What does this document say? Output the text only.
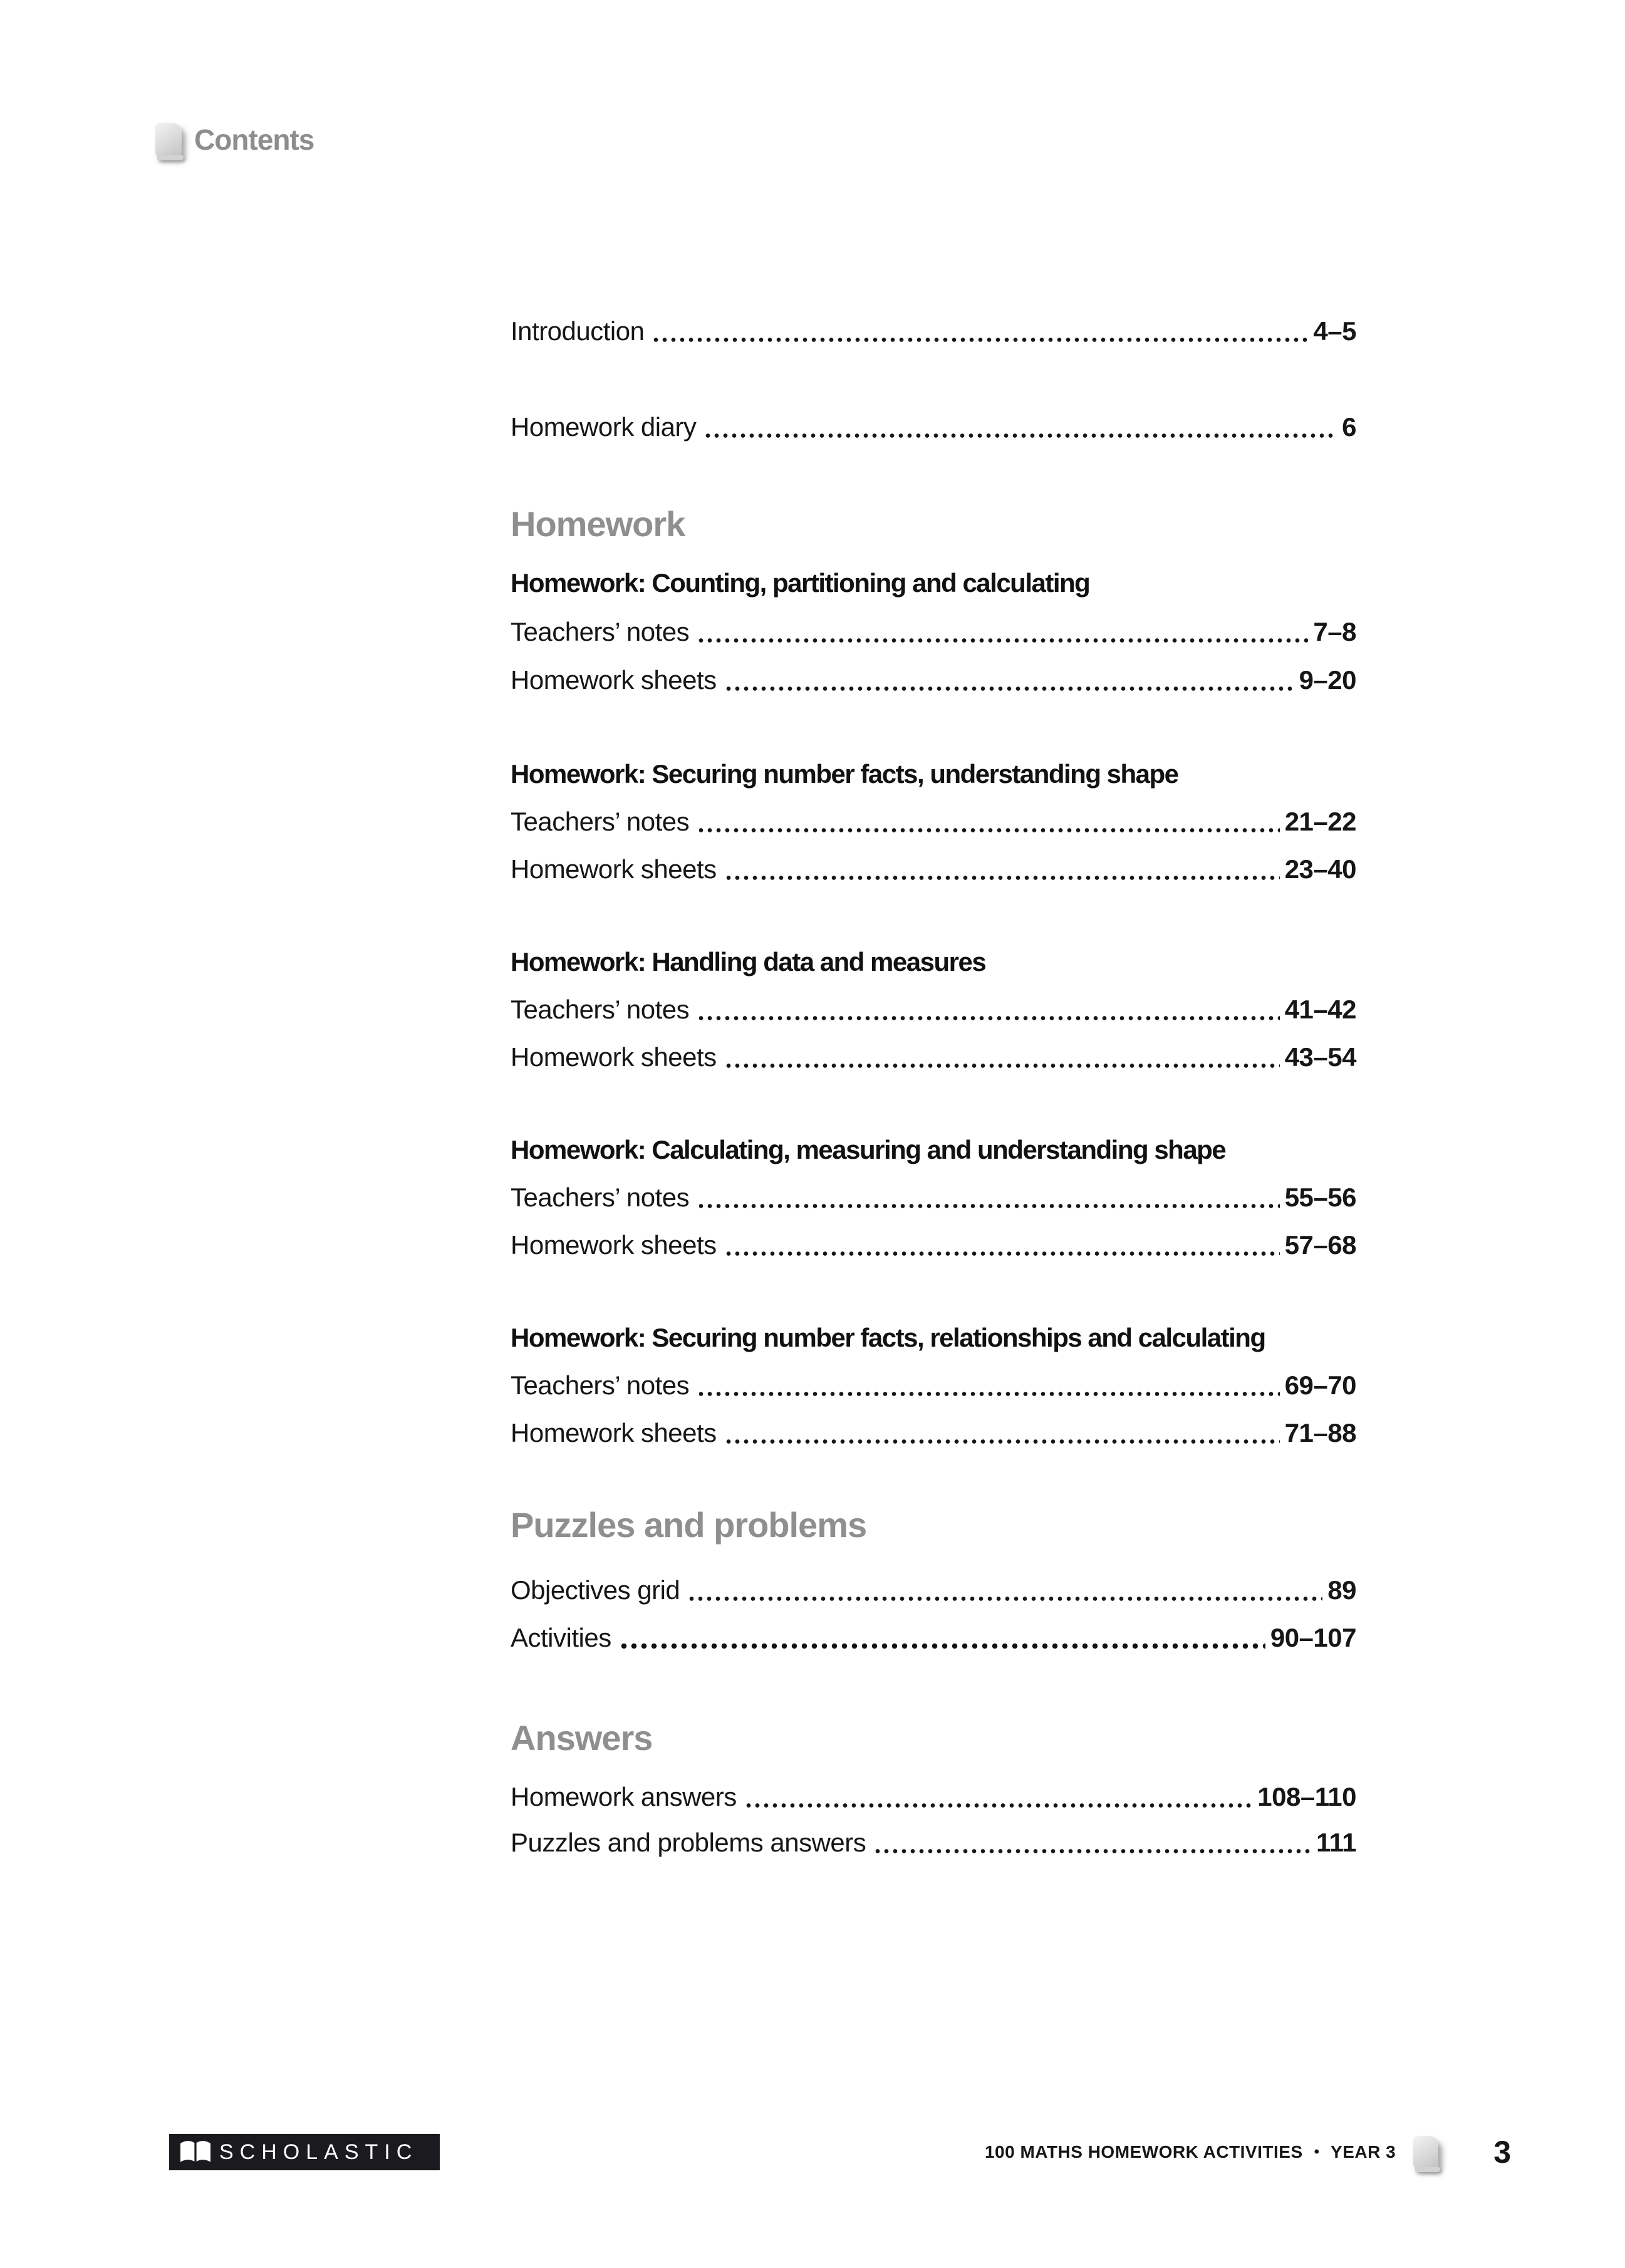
Contents
Introduction	4–5
Homework diary	6
Homework
Homework: Counting, partitioning and calculating
Teachers’ notes	7–8
Homework sheets	9–20
Homework: Securing number facts, understanding shape
Teachers’ notes	21–22
Homework sheets	23–40
Homework: Handling data and measures
Teachers’ notes	41–42
Homework sheets	43–54
Homework: Calculating, measuring and understanding shape
Teachers’ notes	55–56
Homework sheets	57–68
Homework: Securing number facts, relationships and calculating
Teachers’ notes	69–70
Homework sheets	71–88
Puzzles and problems
Objectives grid	89
Activities	90–107
Answers
Homework answers	108–110
Puzzles and problems answers	111
SCHOLASTIC	100 MATHS HOMEWORK ACTIVITIES • YEAR 3	3
